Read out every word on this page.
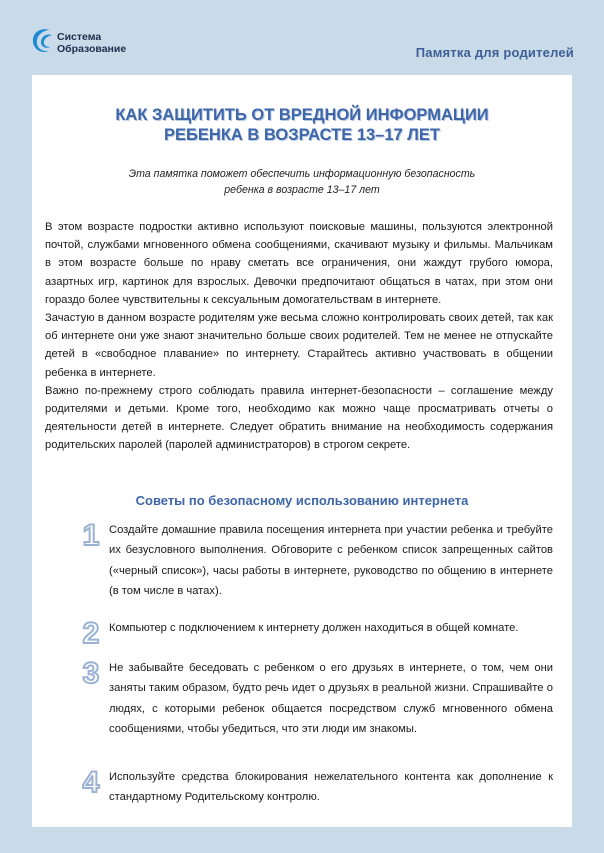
Система
Образование	Памятка для родителей
КАК ЗАЩИТИТЬ ОТ ВРЕДНОЙ ИНФОРМАЦИИ
РЕБЕНКА В ВОЗРАСТЕ 13–17 ЛЕТ
Эта памятка поможет обеспечить информационную безопасность
ребенка в возрасте 13–17 лет

В этом возрасте подростки активно используют поисковые машины, пользуются электронной почтой, службами мгновенного обмена сообщениями, скачивают музыку и фильмы. Мальчикам в этом возрасте больше по нраву сметать все ограничения, они жаждут грубого юмора, азартных игр, картинок для взрослых. Девочки предпочитают общаться в чатах, при этом они гораздо более чувствительны к сексуальным домогательствам в интернете.

Зачастую в данном возрасте родителям уже весьма сложно контролировать своих детей, так как об интернете они уже знают значительно больше своих родителей. Тем не менее не отпускайте детей в «свободное плавание» по интернету. Старайтесь активно участвовать в общении ребенка в интернете.

Важно по-прежнему строго соблюдать правила интернет-безопасности – соглашение между родителями и детьми. Кроме того, необходимо как можно чаще просматривать отчеты о деятельности детей в интернете. Следует обратить внимание на необходимость содержания родительских паролей (паролей администраторов) в строгом секрете.

Советы по безопасному использованию интернета
1 Создайте домашние правила посещения интернета при участии ребенка и требуйте их безусловного выполнения. Обговорите с ребенком список запрещенных сайтов («черный список»), часы работы в интернете, руководство по общению в интернете (в том числе в чатах).
2 Компьютер с подключением к интернету должен находиться в общей комнате.
3 Не забывайте беседовать с ребенком о его друзьях в интернете, о том, чем они заняты таким образом, будто речь идет о друзьях в реальной жизни. Спрашивайте о людях, с которыми ребенок общается посредством служб мгновенного обмена сообщениями, чтобы убедиться, что эти люди им знакомы.
4 Используйте средства блокирования нежелательного контента как дополнение к стандартному Родительскому контролю.
